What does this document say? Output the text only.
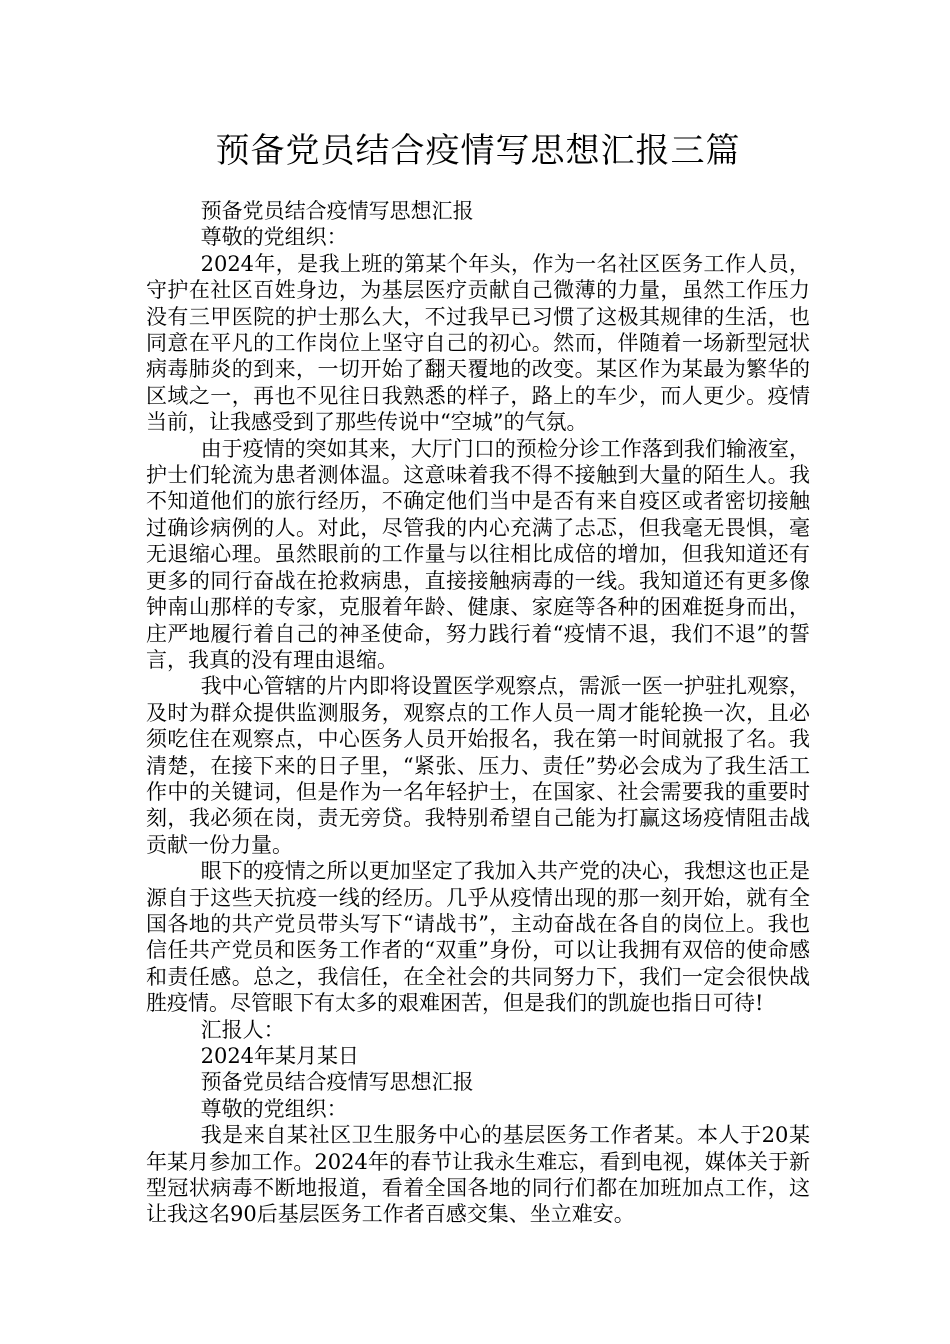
预备党员结合疫情写思想汇报三篇

预备党员结合疫情写思想汇报

尊敬的党组织：

2024年，是我上班的第某个年头，作为一名社区医务工作人员，守护在社区百姓身边，为基层医疗贡献自己微薄的力量，虽然工作压力没有三甲医院的护士那么大，不过我早已习惯了这极其规律的生活，也同意在平凡的工作岗位上坚守自己的初心。然而，伴随着一场新型冠状病毒肺炎的到来，一切开始了翻天覆地的改变。某区作为某最为繁华的区域之一，再也不见往日我熟悉的样子，路上的车少，而人更少。疫情当前，让我感受到了那些传说中“空城”的气氛。

由于疫情的突如其来，大厅门口的预检分诊工作落到我们输液室，护士们轮流为患者测体温。这意味着我不得不接触到大量的陌生人。我不知道他们的旅行经历，不确定他们当中是否有来自疫区或者密切接触过确诊病例的人。对此，尽管我的内心充满了忐忑，但我毫无畏惧，毫无退缩心理。虽然眼前的工作量与以往相比成倍的增加，但我知道还有更多的同行奋战在抢救病患，直接接触病毒的一线。我知道还有更多像钟南山那样的专家，克服着年龄、健康、家庭等各种的困难挺身而出，庄严地履行着自己的神圣使命，努力践行着“疫情不退，我们不退”的誓言，我真的没有理由退缩。

我中心管辖的片内即将设置医学观察点，需派一医一护驻扎观察，及时为群众提供监测服务，观察点的工作人员一周才能轮换一次，且必须吃住在观察点，中心医务人员开始报名，我在第一时间就报了名。我清楚，在接下来的日子里，“紧张、压力、责任”势必会成为了我生活工作中的关键词，但是作为一名年轻护士，在国家、社会需要我的重要时刻，我必须在岗，责无旁贷。我特别希望自己能为打赢这场疫情阻击战贡献一份力量。

眼下的疫情之所以更加坚定了我加入共产党的决心，我想这也正是源自于这些天抗疫一线的经历。几乎从疫情出现的那一刻开始，就有全国各地的共产党员带头写下“请战书”，主动奋战在各自的岗位上。我也信任共产党员和医务工作者的“双重”身份，可以让我拥有双倍的使命感和责任感。总之，我信任，在全社会的共同努力下，我们一定会很快战胜疫情。尽管眼下有太多的艰难困苦，但是我们的凯旋也指日可待!

汇报人：

2024年某月某日

预备党员结合疫情写思想汇报

尊敬的党组织：

我是来自某社区卫生服务中心的基层医务工作者某。本人于20某年某月参加工作。2024年的春节让我永生难忘，看到电视，媒体关于新型冠状病毒不断地报道，看着全国各地的同行们都在加班加点工作，这让我这名90后基层医务工作者百感交集、坐立难安。
